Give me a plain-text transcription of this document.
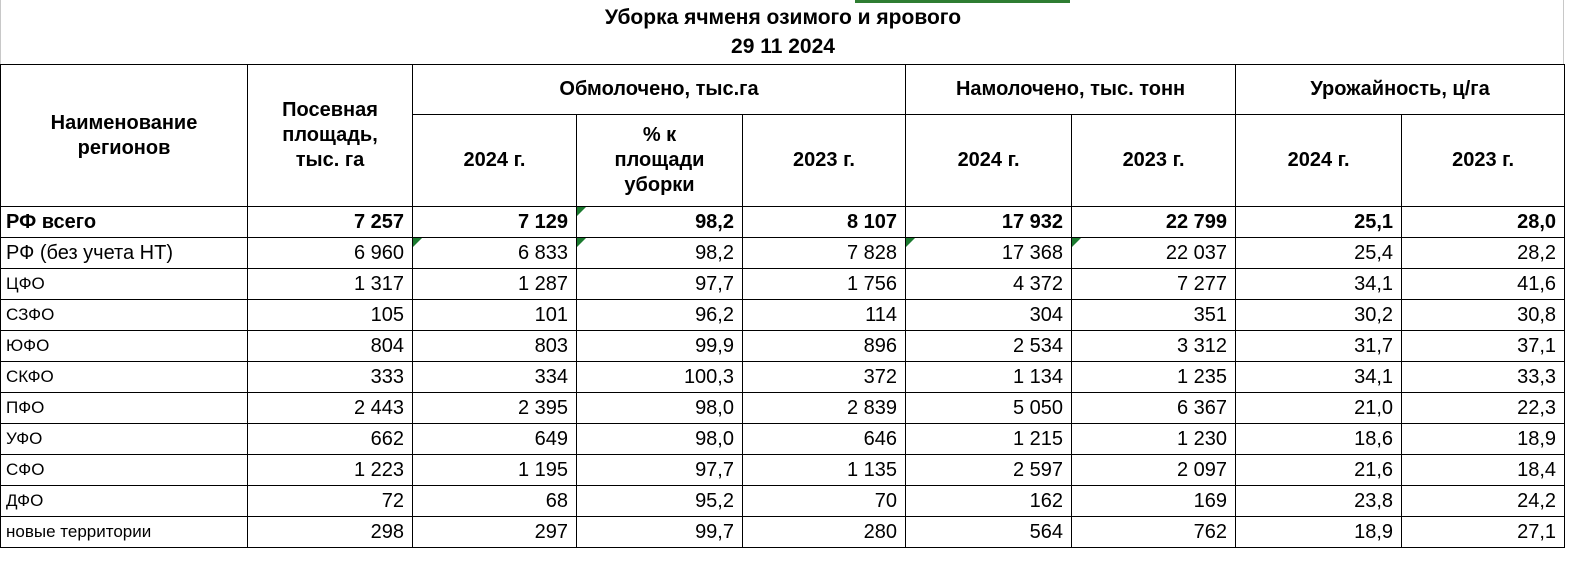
Уборка ячменя озимого и ярового
29 11 2024
Наименование регионов	Посевная площадь, тыс. га	Обмолочено, тыс.га			Намолочено, тыс. тонн		Урожайность, ц/га	
		2024 г.	% к площади уборки	2023 г.	2024 г.	2023 г.	2024 г.	2023 г.
РФ всего	7 257	7 129	98,2	8 107	17 932	22 799	25,1	28,0
РФ (без учета НТ)	6 960	6 833	98,2	7 828	17 368	22 037	25,4	28,2
ЦФО	1 317	1 287	97,7	1 756	4 372	7 277	34,1	41,6
СЗФО	105	101	96,2	114	304	351	30,2	30,8
ЮФО	804	803	99,9	896	2 534	3 312	31,7	37,1
СКФО	333	334	100,3	372	1 134	1 235	34,1	33,3
ПФО	2 443	2 395	98,0	2 839	5 050	6 367	21,0	22,3
УФО	662	649	98,0	646	1 215	1 230	18,6	18,9
СФО	1 223	1 195	97,7	1 135	2 597	2 097	21,6	18,4
ДФО	72	68	95,2	70	162	169	23,8	24,2
новые территории	298	297	99,7	280	564	762	18,9	27,1
